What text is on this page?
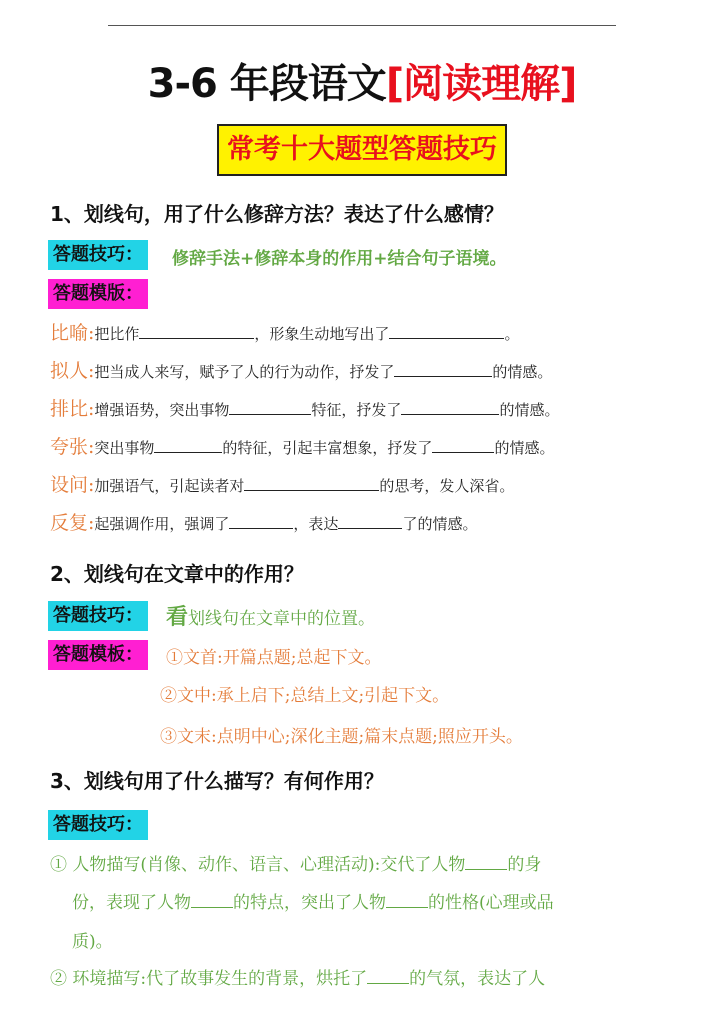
3-6 年段语文[阅读理解]
常考十大题型答题技巧
1、划线句，用了什么修辞方法？表达了什么感情？
答题技巧： 修辞手法+修辞本身的作用+结合句子语境。
答题模版：
比喻:把比作	，形象生动地写出了	。
拟人:把当成人来写，赋予了人的行为动作，抒发了	的情感。
排比:增强语势，突出事物	特征，抒发了	的情感。
夸张:突出事物	的特征，引起丰富想象，抒发了	的情感。
设问:加强语气，引起读者对	的思考，发人深省。
反复:起强调作用，强调了	，表达	了的情感。
2、划线句在文章中的作用？
答题技巧： 看划线句在文章中的位置。
答题模板： ①文首:开篇点题;总起下文。
②文中:承上启下;总结上文;引起下文。
③文末:点明中心;深化主题;篇末点题;照应开头。
3、划线句用了什么描写？有何作用？
答题技巧：
① 人物描写(肖像、动作、语言、心理活动):交代了人物 的身
份，表现了人物 的特点，突出了人物 的性格(心理或品
质)。
② 环境描写:代了故事发生的背景，烘托了 的气氛，表达了人
